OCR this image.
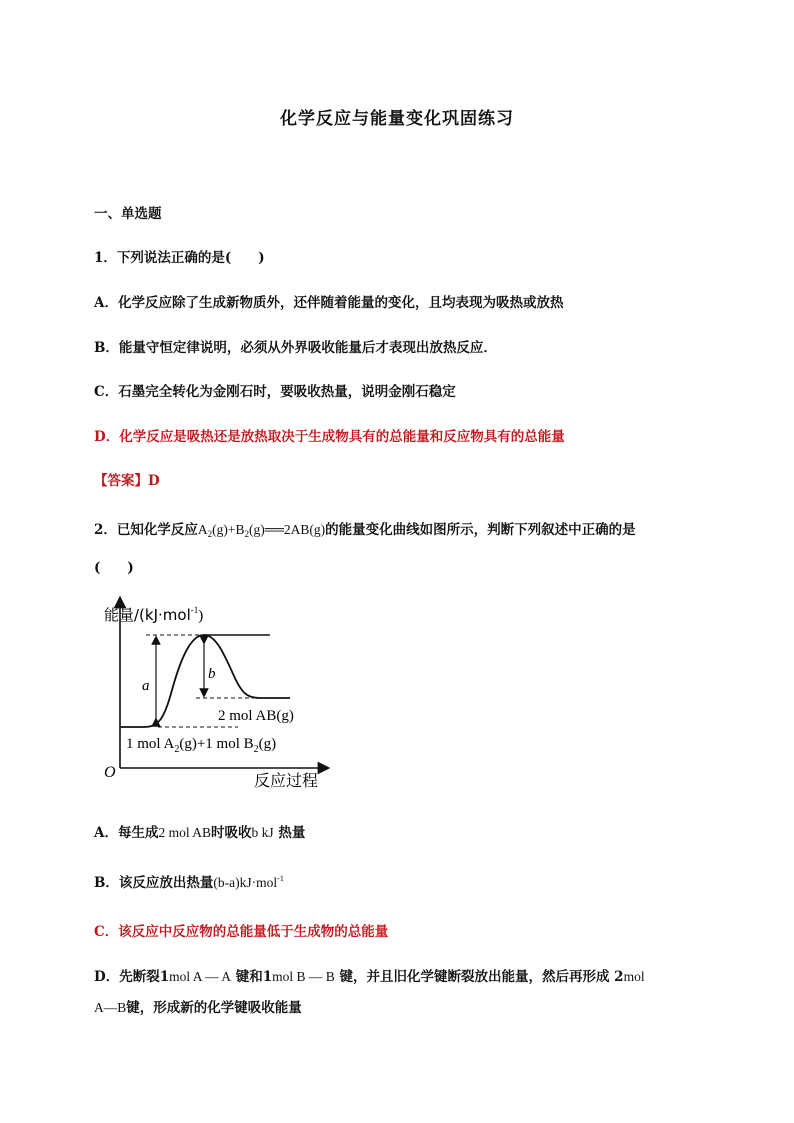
化学反应与能量变化巩固练习
一、单选题
1．下列说法正确的是(　　)
A．化学反应除了生成新物质外，还伴随着能量的变化，且均表现为吸热或放热
B．能量守恒定律说明，必须从外界吸收能量后才表现出放热反应．
C．石墨完全转化为金刚石时，要吸收热量，说明金刚石稳定
D．化学反应是吸热还是放热取决于生成物具有的总能量和反应物具有的总能量
【答案】D
2．已知化学反应$A_2(g)+B_2(g)══2AB(g)$的能量变化曲线如图所示，判断下列叙述中正确的是
(　　)
能量/(kJ·mol$^{-1}$)
a
b
2 mol AB(g)
1 mol $A_2(g)+1$ mol $B_2(g)$
O
反应过程
A．每生成2 mol AB时吸收b kJ 热量
B．该反应放出热量(b-a)kJ·mol$^{-1}$
C．该反应中反应物的总能量低于生成物的总能量
D．先断裂1mol A — A 键和1mol B — B 键，并且旧化学键断裂放出能量，然后再形成 2mol
A—B键，形成新的化学键吸收能量
